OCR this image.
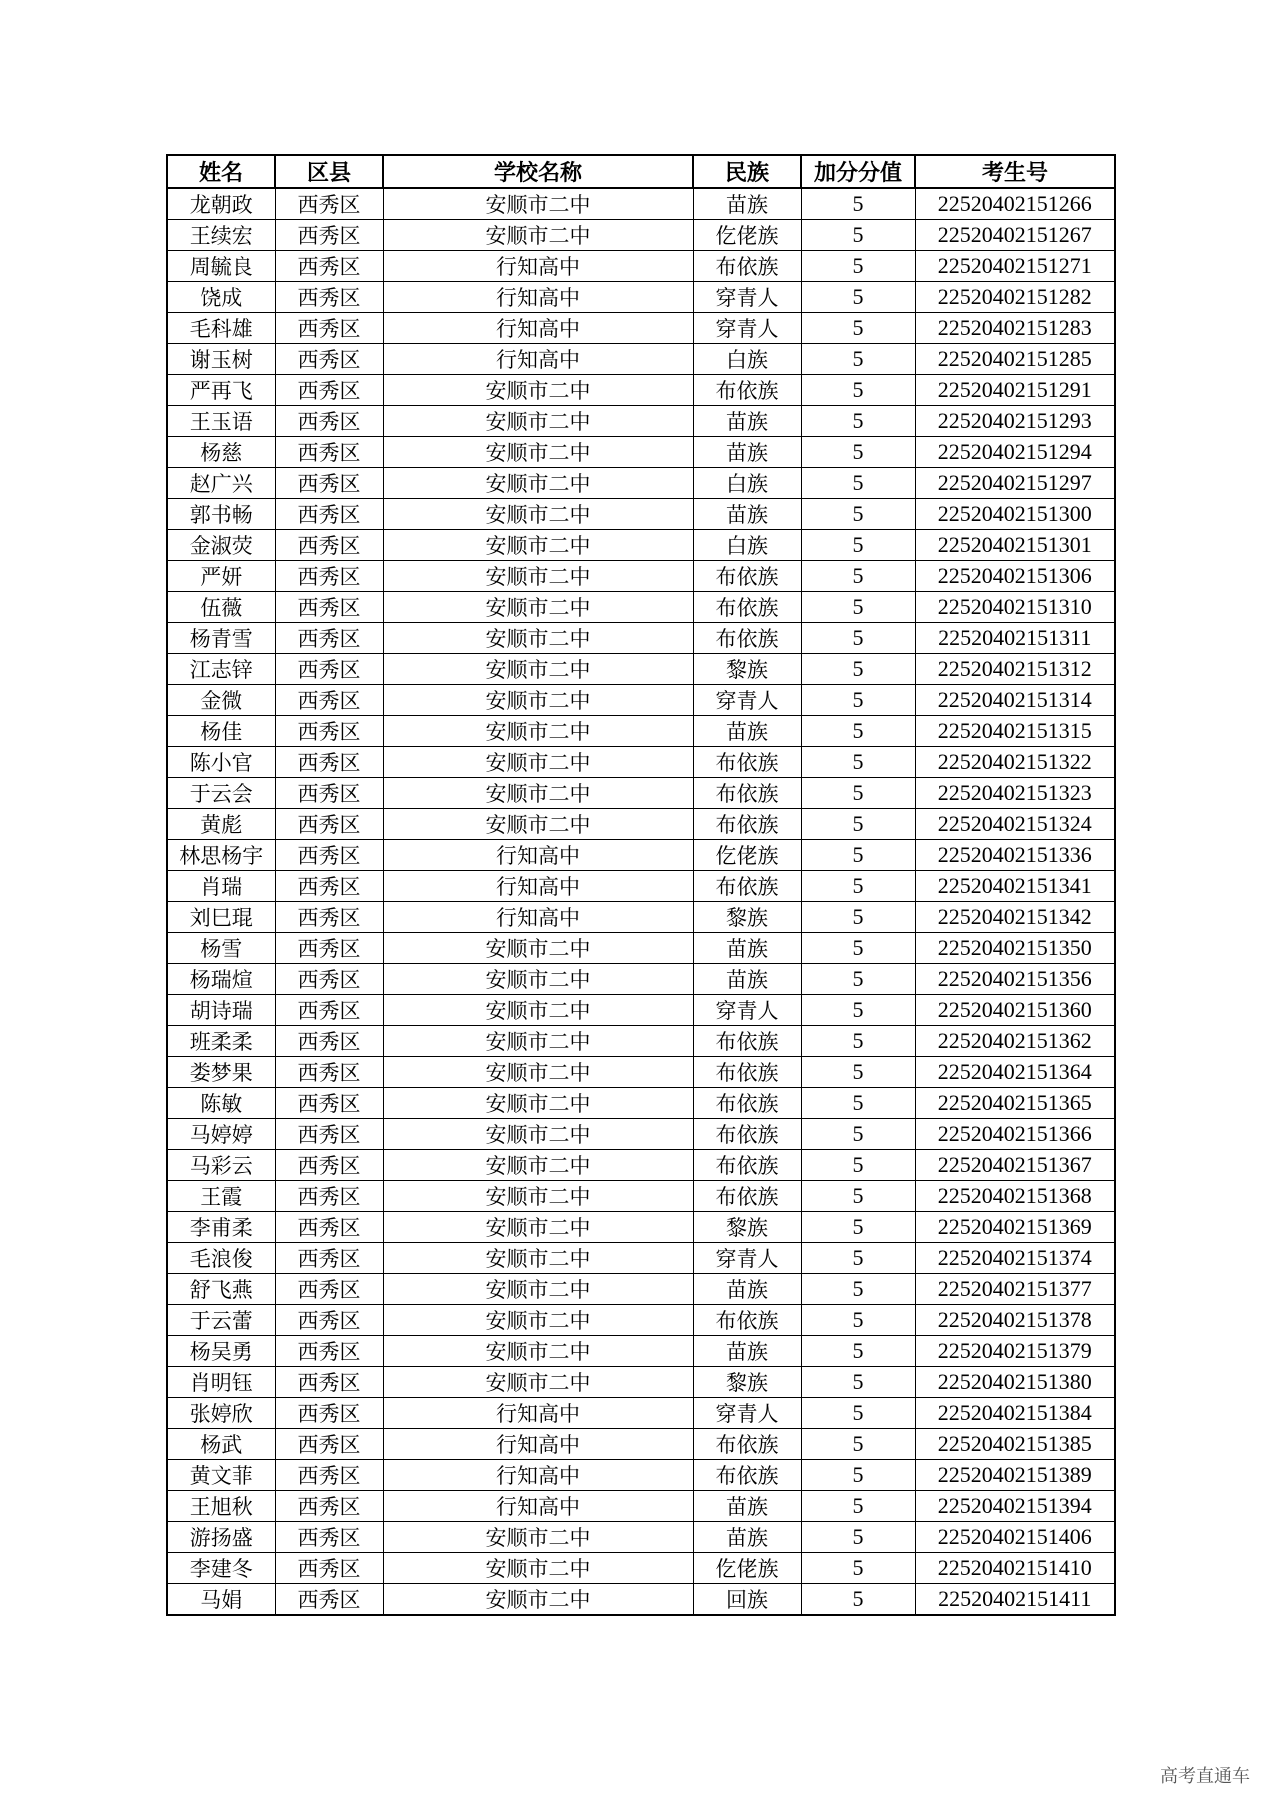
姓名	区县	学校名称	民族	加分分值	考生号
龙朝政	西秀区	安顺市二中	苗族	5	22520402151266
王续宏	西秀区	安顺市二中	仡佬族	5	22520402151267
周毓良	西秀区	行知高中	布依族	5	22520402151271
饶成	西秀区	行知高中	穿青人	5	22520402151282
毛科雄	西秀区	行知高中	穿青人	5	22520402151283
谢玉树	西秀区	行知高中	白族	5	22520402151285
严再飞	西秀区	安顺市二中	布依族	5	22520402151291
王玉语	西秀区	安顺市二中	苗族	5	22520402151293
杨慈	西秀区	安顺市二中	苗族	5	22520402151294
赵广兴	西秀区	安顺市二中	白族	5	22520402151297
郭书畅	西秀区	安顺市二中	苗族	5	22520402151300
金淑荧	西秀区	安顺市二中	白族	5	22520402151301
严妍	西秀区	安顺市二中	布依族	5	22520402151306
伍薇	西秀区	安顺市二中	布依族	5	22520402151310
杨青雪	西秀区	安顺市二中	布依族	5	22520402151311
江志锌	西秀区	安顺市二中	黎族	5	22520402151312
金微	西秀区	安顺市二中	穿青人	5	22520402151314
杨佳	西秀区	安顺市二中	苗族	5	22520402151315
陈小官	西秀区	安顺市二中	布依族	5	22520402151322
于云会	西秀区	安顺市二中	布依族	5	22520402151323
黄彪	西秀区	安顺市二中	布依族	5	22520402151324
林思杨宇	西秀区	行知高中	仡佬族	5	22520402151336
肖瑞	西秀区	行知高中	布依族	5	22520402151341
刘巳琨	西秀区	行知高中	黎族	5	22520402151342
杨雪	西秀区	安顺市二中	苗族	5	22520402151350
杨瑞煊	西秀区	安顺市二中	苗族	5	22520402151356
胡诗瑞	西秀区	安顺市二中	穿青人	5	22520402151360
班柔柔	西秀区	安顺市二中	布依族	5	22520402151362
娄梦果	西秀区	安顺市二中	布依族	5	22520402151364
陈敏	西秀区	安顺市二中	布依族	5	22520402151365
马婷婷	西秀区	安顺市二中	布依族	5	22520402151366
马彩云	西秀区	安顺市二中	布依族	5	22520402151367
王霞	西秀区	安顺市二中	布依族	5	22520402151368
李甫柔	西秀区	安顺市二中	黎族	5	22520402151369
毛浪俊	西秀区	安顺市二中	穿青人	5	22520402151374
舒飞燕	西秀区	安顺市二中	苗族	5	22520402151377
于云蕾	西秀区	安顺市二中	布依族	5	22520402151378
杨吴勇	西秀区	安顺市二中	苗族	5	22520402151379
肖明钰	西秀区	安顺市二中	黎族	5	22520402151380
张婷欣	西秀区	行知高中	穿青人	5	22520402151384
杨武	西秀区	行知高中	布依族	5	22520402151385
黄文菲	西秀区	行知高中	布依族	5	22520402151389
王旭秋	西秀区	行知高中	苗族	5	22520402151394
游扬盛	西秀区	安顺市二中	苗族	5	22520402151406
李建冬	西秀区	安顺市二中	仡佬族	5	22520402151410
马娟	西秀区	安顺市二中	回族	5	22520402151411
高考直通车
